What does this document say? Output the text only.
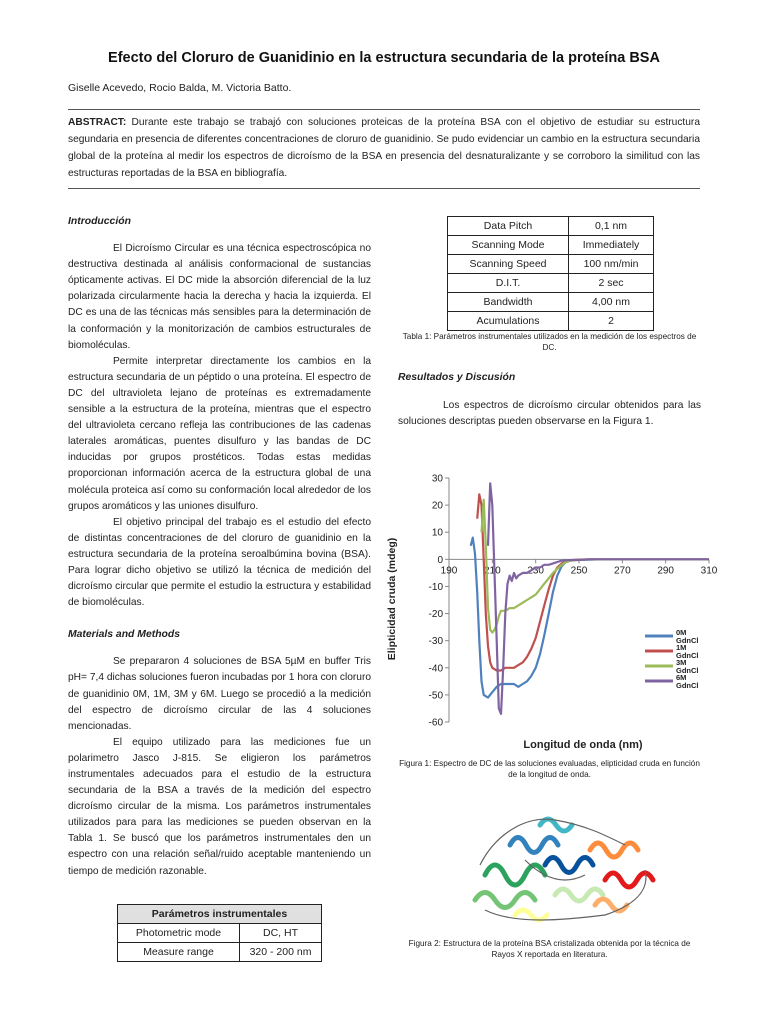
Efecto del Cloruro de Guanidinio en la estructura secundaria de la proteína BSA
Giselle Acevedo, Rocio Balda, M. Victoria Batto.
ABSTRACT: Durante este trabajo se trabajó con soluciones proteicas de la proteína BSA con el objetivo de estudiar su estructura segundaria en presencia de diferentes concentraciones de cloruro de guanidinio. Se pudo evidenciar un cambio en la estructura secundaria global de la proteína al medir los espectros de dicroísmo de la BSA en presencia del desnaturalizante y se corroboro la similitud con las estructuras reportadas de la BSA en bibliografía.
Introducción

El Dicroísmo Circular es una técnica espectroscópica no destructiva destinada al análisis conformacional de sustancias ópticamente activas. El DC mide la absorción diferencial de la luz polarizada circularmente hacia la derecha y hacia la izquierda. El DC es una de las técnicas más sensibles para la determinación de la conformación y la monitorización de cambios estructurales de biomoléculas.

Permite interpretar directamente los cambios en la estructura secundaria de un péptido o una proteína. El espectro de DC del ultravioleta lejano de proteínas es extremadamente sensible a la estructura de la proteína, mientras que el espectro del ultravioleta cercano refleja las contribuciones de las cadenas laterales aromáticas, puentes disulfuro y las bandas de DC inducidas por grupos prostéticos. Todas estas medidas proporcionan información acerca de la estructura global de una molécula proteica así como su conformación local alrededor de los grupos aromáticos y las uniones disulfuro.

El objetivo principal del trabajo es el estudio del efecto de distintas concentraciones de del cloruro de guanidinio en la estructura secundaria de la proteína seroalbúmina bovina (BSA). Para lograr dicho objetivo se utilizó la técnica de medición del dicroísmo circular que permite el estudio la estructura y estabilidad de biomoléculas.

Materials and Methods

Se prepararon 4 soluciones de BSA 5µM en buffer Tris pH= 7,4 dichas soluciones fueron incubadas por 1 hora con cloruro de guanidinio 0M, 1M, 3M y 6M. Luego se procedió a la medición del espectro de dicroísmo circular de las 4 soluciones mencionadas.

El equipo utilizado para las mediciones fue un polarimetro Jasco J-815. Se eligieron los parámetros instrumentales adecuados para el estudio de la estructura secundaria de la BSA a través de la medición del espectro dicroísmo circular de la misma. Los parámetros instrumentales utilizados para para las mediciones se pueden observan en la Tabla 1. Se buscó que los parámetros instrumentales den un espectro con una relación señal/ruido aceptable manteniendo un tiempo de medición razonable.

Parámetros instrumentales	
Photometric mode	DC, HT
Measure range	320 - 200 nm
Data Pitch	0,1 nm
Scanning Mode	Immediately
Scanning Speed	100 nm/min
D.I.T.	2 sec
Bandwidth	4,00 nm
Acumulations	2
Tabla 1: Parámetros instrumentales utilizados en la medición de los espectros de DC.
Resultados y Discusión
Los espectros de dicroísmo circular obtenidos para las soluciones descriptas pueden observarse en la Figura 1.
30
20
10
0
-10
-20
-30
-40
-50
-60
190	210	230	250	270	290	310
0M
GdnCl
1M
GdnCl
3M
GdnCl
6M
GdnCl
Longitud de onda (nm)
Elipticidad cruda (mdeg)
Figura 1: Espectro de DC de las soluciones evaluadas, elipticidad cruda en función de la longitud de onda.
Figura 2: Estructura de la proteína BSA cristalizada obtenida por la técnica de Rayos X reportada en literatura.
